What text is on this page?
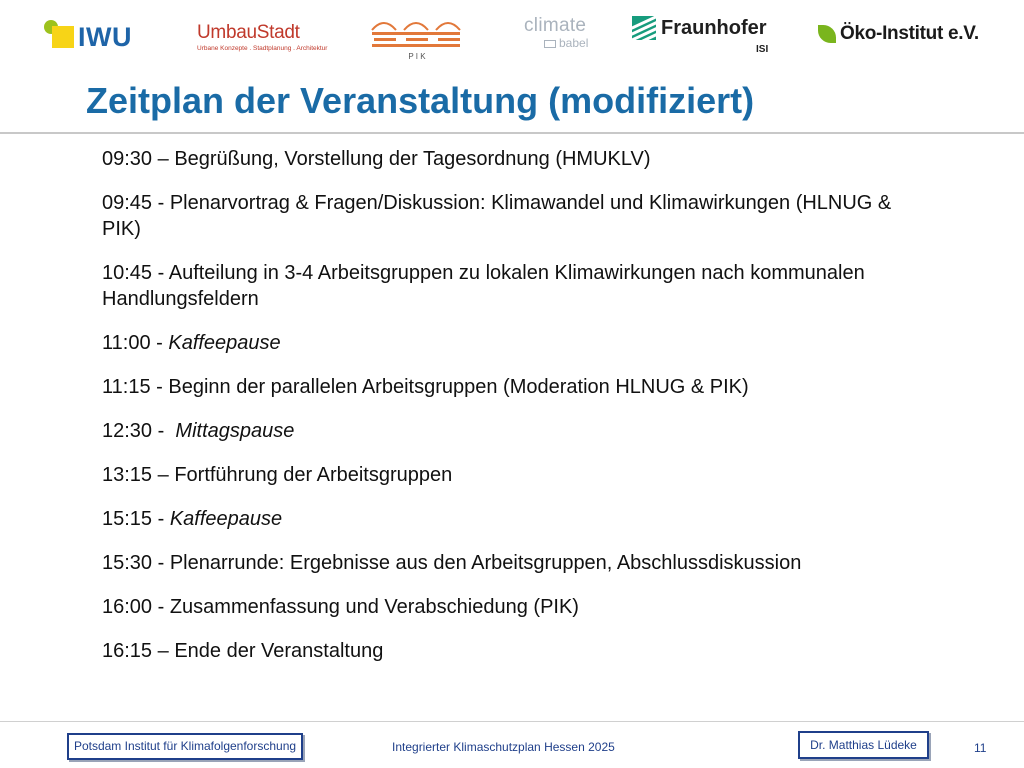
IWU	UmbauStadt
Urbane Konzepte . Stadtplanung . Architektur
P I K
climate
babel
Fraunhofer
ISI
Öko-Institut e.V.
Zeitplan der Veranstaltung (modifiziert)
09:30 – Begrüßung, Vorstellung der Tagesordnung (HMUKLV)
09:45 - Plenarvortrag & Fragen/Diskussion: Klimawandel und Klimawirkungen (HLNUG & PIK)
10:45 - Aufteilung in 3-4 Arbeitsgruppen zu lokalen Klimawirkungen nach kommunalen Handlungsfeldern
11:00 - Kaffeepause
11:15 - Beginn der parallelen Arbeitsgruppen (Moderation HLNUG & PIK)
12:30 -  Mittagspause
13:15 – Fortführung der Arbeitsgruppen
15:15 - Kaffeepause
15:30 - Plenarrunde: Ergebnisse aus den Arbeitsgruppen, Abschlussdiskussion
16:00 - Zusammenfassung und Verabschiedung (PIK)
16:15 – Ende der Veranstaltung
Potsdam Institut für Klimafolgenforschung	Integrierter Klimaschutzplan Hessen 2025	Dr. Matthias Lüdeke	11
